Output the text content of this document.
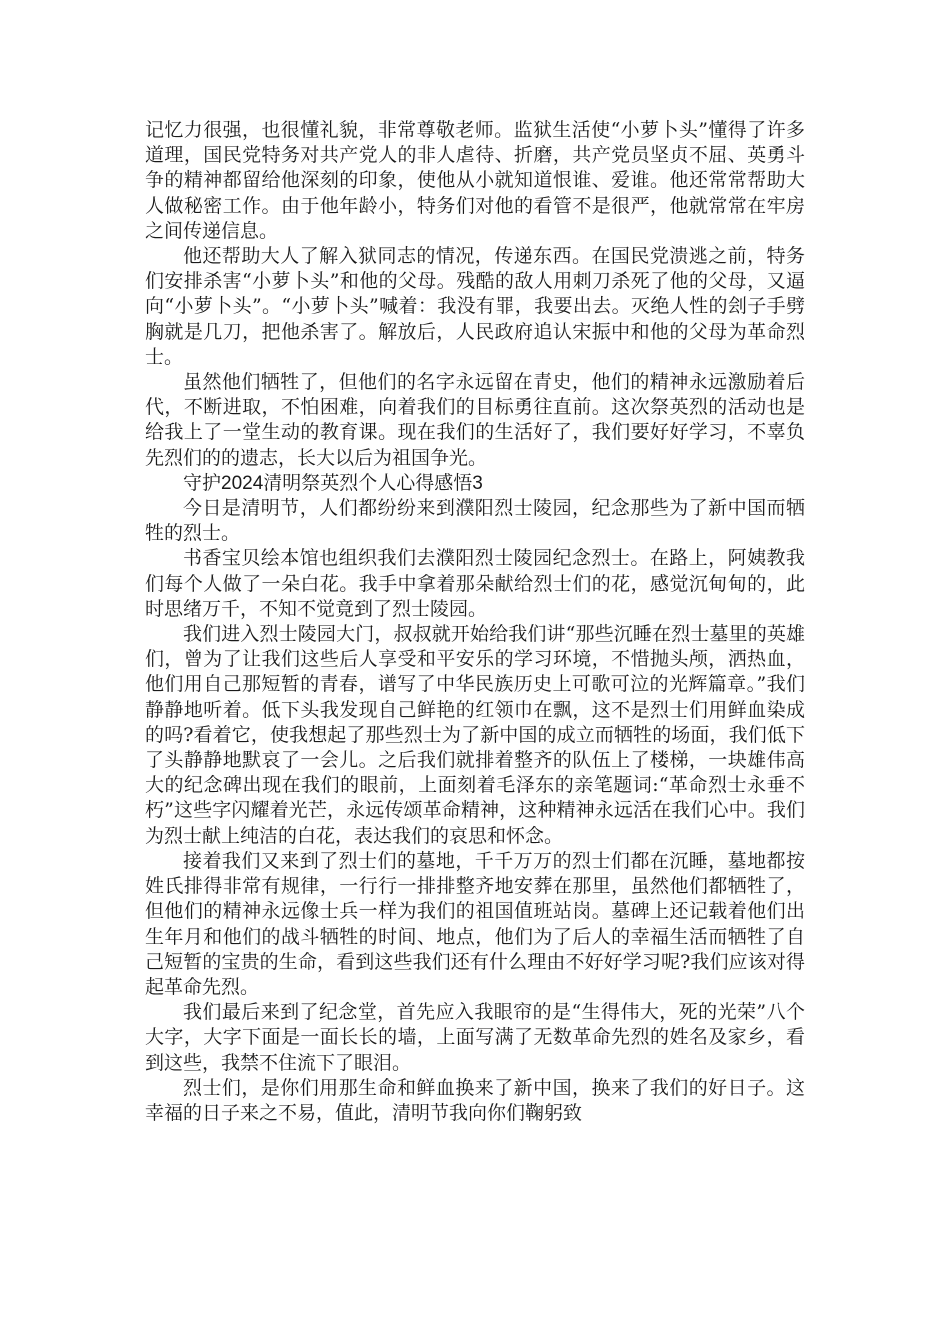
记忆力很强，也很懂礼貌，非常尊敬老师。监狱生活使“小萝卜头”懂得了许多道理，国民党特务对共产党人的非人虐待、折磨，共产党员坚贞不屈、英勇斗争的精神都留给他深刻的印象，使他从小就知道恨谁、爱谁。他还常常帮助大人做秘密工作。由于他年龄小，特务们对他的看管不是很严，他就常常在牢房之间传递信息。

他还帮助大人了解入狱同志的情况，传递东西。在国民党溃逃之前，特务们安排杀害“小萝卜头”和他的父母。残酷的敌人用刺刀杀死了他的父母，又逼向“小萝卜头”。“小萝卜头”喊着：我没有罪，我要出去。灭绝人性的刽子手劈胸就是几刀，把他杀害了。解放后，人民政府追认宋振中和他的父母为革命烈士。

虽然他们牺牲了，但他们的名字永远留在青史，他们的精神永远激励着后代，不断进取，不怕困难，向着我们的目标勇往直前。这次祭英烈的活动也是给我上了一堂生动的教育课。现在我们的生活好了，我们要好好学习，不辜负先烈们的的遗志，长大以后为祖国争光。

守护2024清明祭英烈个人心得感悟3

今日是清明节，人们都纷纷来到濮阳烈士陵园，纪念那些为了新中国而牺牲的烈士。

书香宝贝绘本馆也组织我们去濮阳烈士陵园纪念烈士。在路上，阿姨教我们每个人做了一朵白花。我手中拿着那朵献给烈士们的花，感觉沉甸甸的，此时思绪万千，不知不觉竟到了烈士陵园。

我们进入烈士陵园大门，叔叔就开始给我们讲“那些沉睡在烈士墓里的英雄们，曾为了让我们这些后人享受和平安乐的学习环境，不惜抛头颅，洒热血，他们用自己那短暂的青春，谱写了中华民族历史上可歌可泣的光辉篇章。”我们静静地听着。低下头我发现自己鲜艳的红领巾在飘，这不是烈士们用鲜血染成的吗?看着它，使我想起了那些烈士为了新中国的成立而牺牲的场面，我们低下了头静静地默哀了一会儿。之后我们就排着整齐的队伍上了楼梯，一块雄伟高大的纪念碑出现在我们的眼前，上面刻着毛泽东的亲笔题词:“革命烈士永垂不朽”这些字闪耀着光芒，永远传颂革命精神，这种精神永远活在我们心中。我们为烈士献上纯洁的白花，表达我们的哀思和怀念。

接着我们又来到了烈士们的墓地，千千万万的烈士们都在沉睡，墓地都按姓氏排得非常有规律，一行行一排排整齐地安葬在那里，虽然他们都牺牲了，但他们的精神永远像士兵一样为我们的祖国值班站岗。墓碑上还记载着他们出生年月和他们的战斗牺牲的时间、地点，他们为了后人的幸福生活而牺牲了自己短暂的宝贵的生命，看到这些我们还有什么理由不好好学习呢?我们应该对得起革命先烈。

我们最后来到了纪念堂，首先应入我眼帘的是“生得伟大，死的光荣”八个大字，大字下面是一面长长的墙，上面写满了无数革命先烈的姓名及家乡，看到这些，我禁不住流下了眼泪。

烈士们，是你们用那生命和鲜血换来了新中国，换来了我们的好日子。这幸福的日子来之不易，值此，清明节我向你们鞠躬致
